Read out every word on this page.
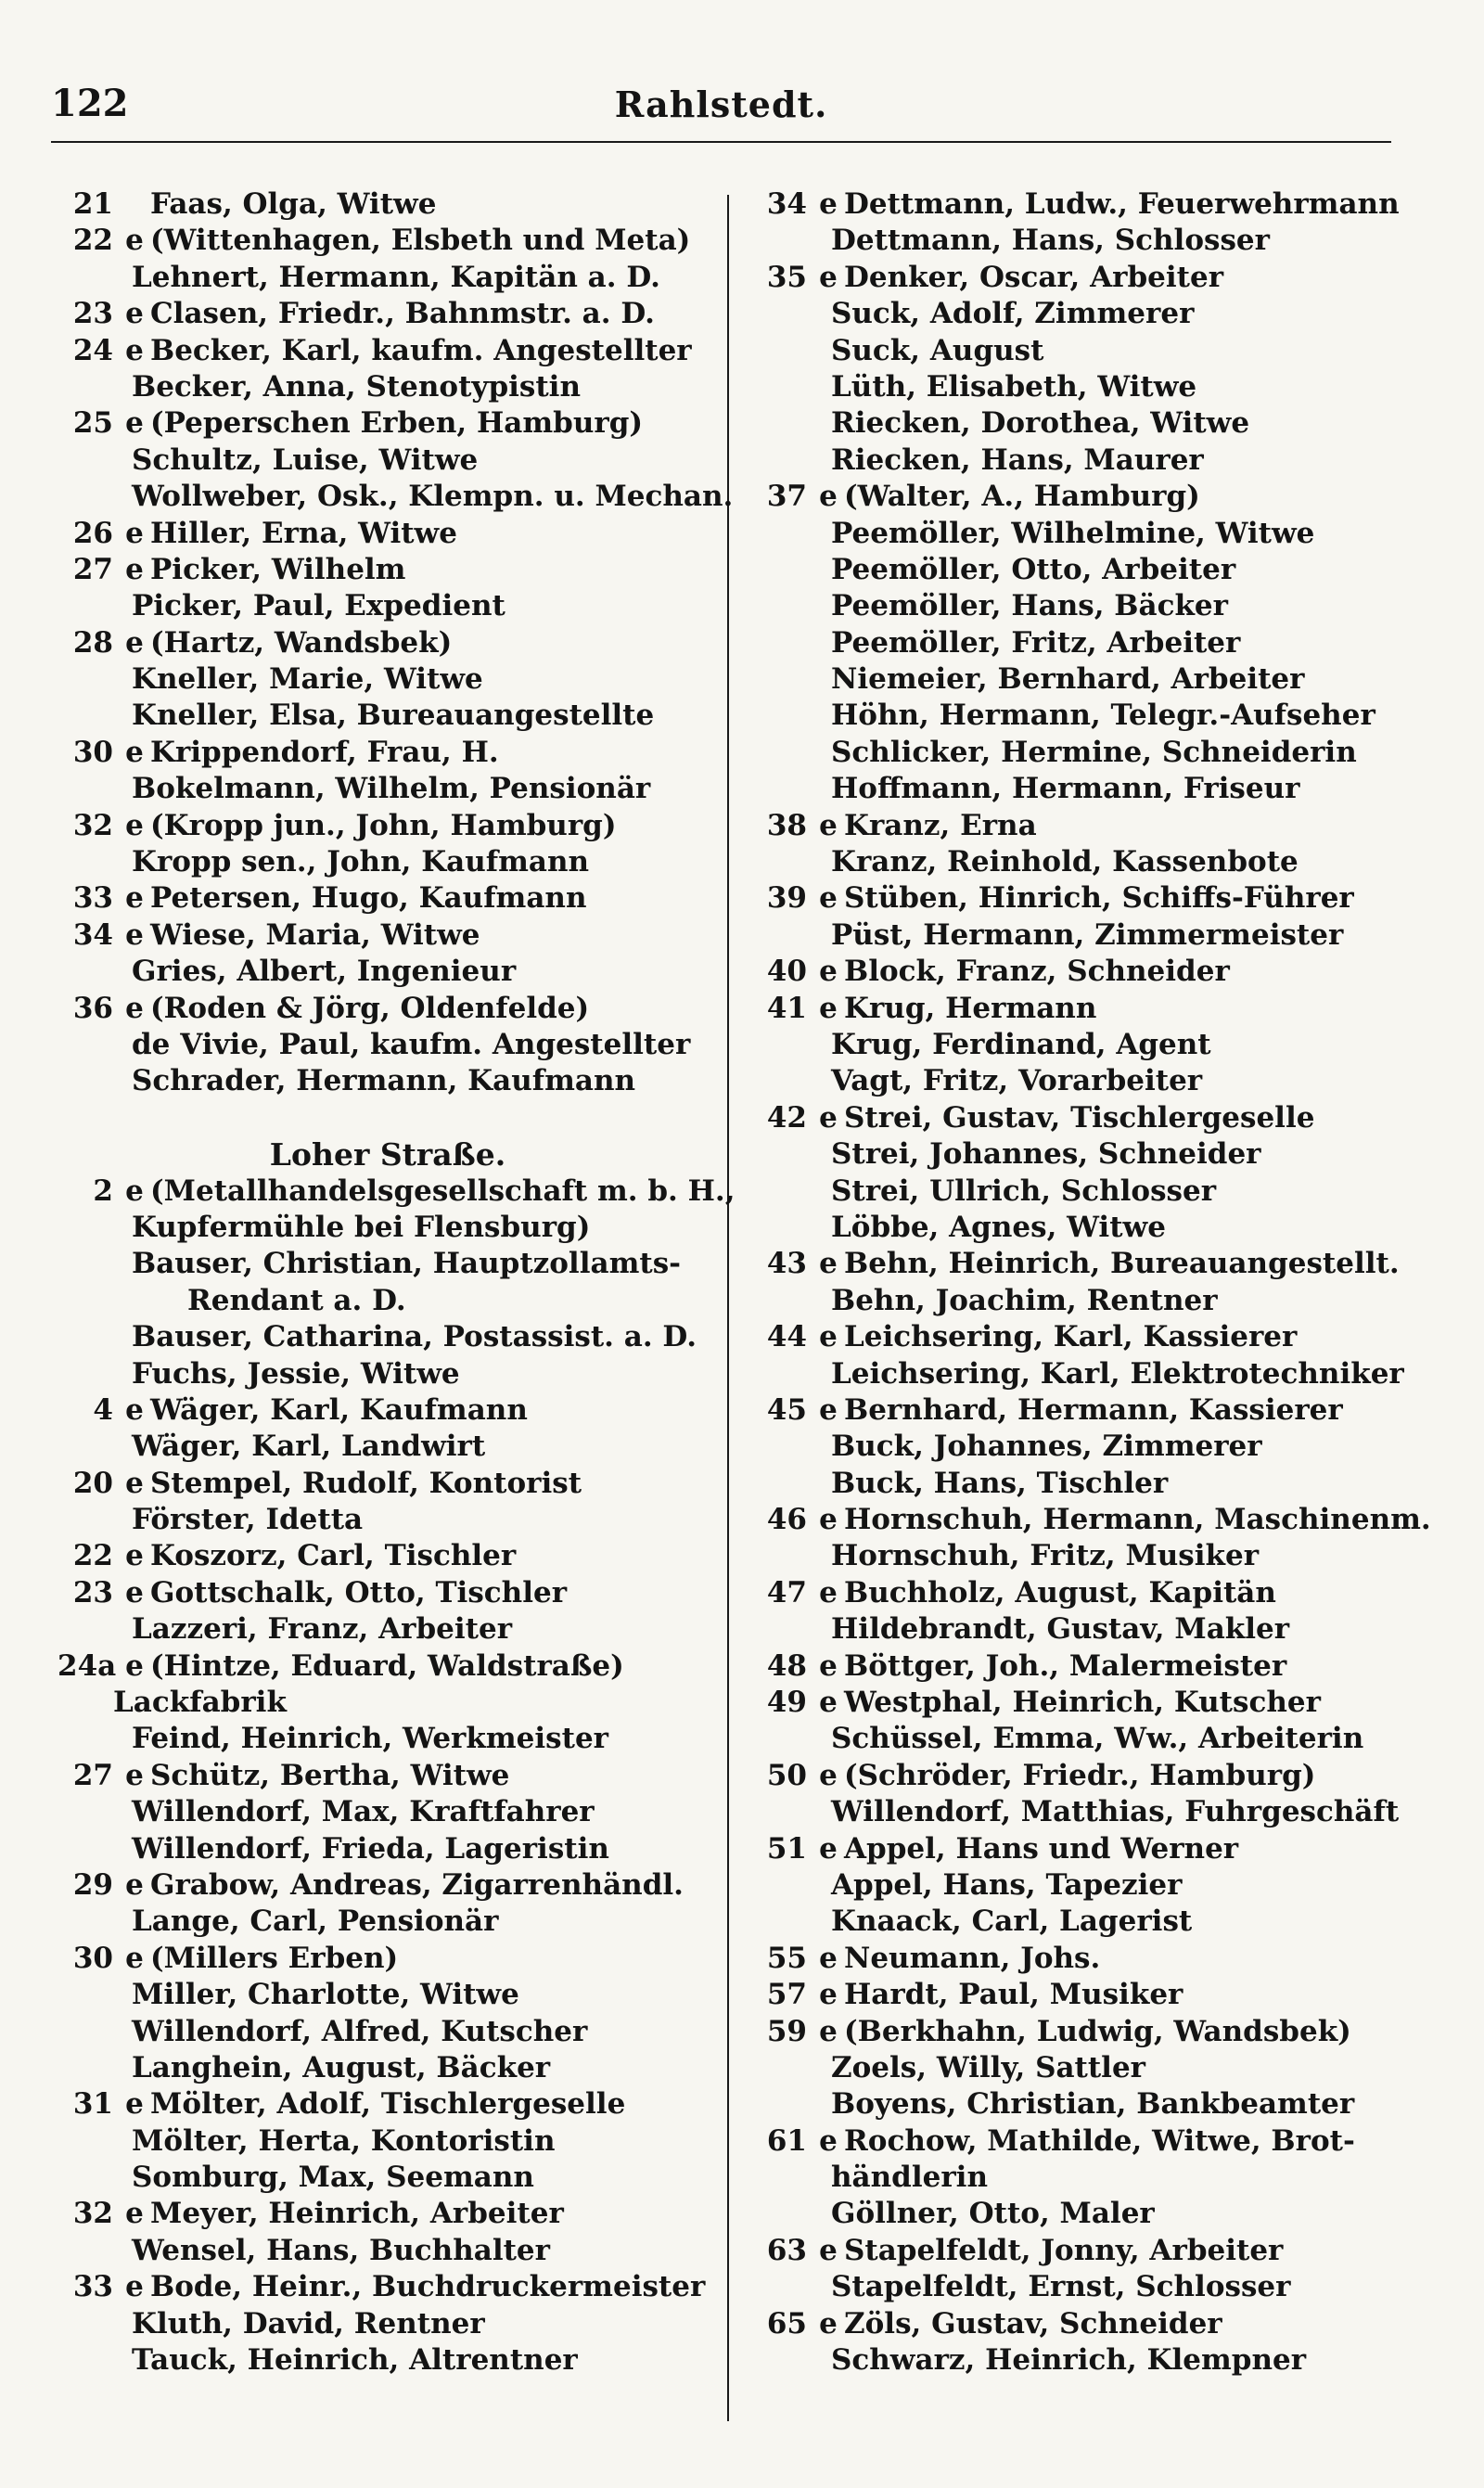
122	Rahlstedt.
21 Faas, Olga, Witwe
22 e (Wittenhagen, Elsbeth und Meta)
Lehnert, Hermann, Kapitän a. D.
23 e Clasen, Friedr., Bahnmstr. a. D.
24 e Becker, Karl, kaufm. Angestellter
Becker, Anna, Stenotypistin
25 e (Peperschen Erben, Hamburg)
Schultz, Luise, Witwe
Wollweber, Osk., Klempn. u. Mechan.
26 e Hiller, Erna, Witwe
27 e Picker, Wilhelm
Picker, Paul, Expedient
28 e (Hartz, Wandsbek)
Kneller, Marie, Witwe
Kneller, Elsa, Bureauangestellte
30 e Krippendorf, Frau, H.
Bokelmann, Wilhelm, Pensionär
32 e (Kropp jun., John, Hamburg)
Kropp sen., John, Kaufmann
33 e Petersen, Hugo, Kaufmann
34 e Wiese, Maria, Witwe
Gries, Albert, Ingenieur
36 e (Roden & Jörg, Oldenfelde)
de Vivie, Paul, kaufm. Angestellter
Schrader, Hermann, Kaufmann
Loher Straße.
2 e (Metallhandelsgesellschaft m. b. H.,
Kupfermühle bei Flensburg)
Bauser, Christian, Hauptzollamts-
Rendant a. D.
Bauser, Catharina, Postassist. a. D.
Fuchs, Jessie, Witwe
4 e Wäger, Karl, Kaufmann
Wäger, Karl, Landwirt
20 e Stempel, Rudolf, Kontorist
Förster, Idetta
22 e Koszorz, Carl, Tischler
23 e Gottschalk, Otto, Tischler
Lazzeri, Franz, Arbeiter
24a e (Hintze, Eduard, Waldstraße)
Lackfabrik
Feind, Heinrich, Werkmeister
27 e Schütz, Bertha, Witwe
Willendorf, Max, Kraftfahrer
Willendorf, Frieda, Lageristin
29 e Grabow, Andreas, Zigarrenhändl.
Lange, Carl, Pensionär
30 e (Millers Erben)
Miller, Charlotte, Witwe
Willendorf, Alfred, Kutscher
Langhein, August, Bäcker
31 e Mölter, Adolf, Tischlergeselle
Mölter, Herta, Kontoristin
Somburg, Max, Seemann
32 e Meyer, Heinrich, Arbeiter
Wensel, Hans, Buchhalter
33 e Bode, Heinr., Buchdruckermeister
Kluth, David, Rentner
Tauck, Heinrich, Altrentner
34 e Dettmann, Ludw., Feuerwehrmann
Dettmann, Hans, Schlosser
35 e Denker, Oscar, Arbeiter
Suck, Adolf, Zimmerer
Suck, August
Lüth, Elisabeth, Witwe
Riecken, Dorothea, Witwe
Riecken, Hans, Maurer
37 e (Walter, A., Hamburg)
Peemöller, Wilhelmine, Witwe
Peemöller, Otto, Arbeiter
Peemöller, Hans, Bäcker
Peemöller, Fritz, Arbeiter
Niemeier, Bernhard, Arbeiter
Höhn, Hermann, Telegr.-Aufseher
Schlicker, Hermine, Schneiderin
Hoffmann, Hermann, Friseur
38 e Kranz, Erna
Kranz, Reinhold, Kassenbote
39 e Stüben, Hinrich, Schiffs-Führer
Püst, Hermann, Zimmermeister
40 e Block, Franz, Schneider
41 e Krug, Hermann
Krug, Ferdinand, Agent
Vagt, Fritz, Vorarbeiter
42 e Strei, Gustav, Tischlergeselle
Strei, Johannes, Schneider
Strei, Ullrich, Schlosser
Löbbe, Agnes, Witwe
43 e Behn, Heinrich, Bureauangestellt.
Behn, Joachim, Rentner
44 e Leichsering, Karl, Kassierer
Leichsering, Karl, Elektrotechniker
45 e Bernhard, Hermann, Kassierer
Buck, Johannes, Zimmerer
Buck, Hans, Tischler
46 e Hornschuh, Hermann, Maschinenm.
Hornschuh, Fritz, Musiker
47 e Buchholz, August, Kapitän
Hildebrandt, Gustav, Makler
48 e Böttger, Joh., Malermeister
49 e Westphal, Heinrich, Kutscher
Schüssel, Emma, Ww., Arbeiterin
50 e (Schröder, Friedr., Hamburg)
Willendorf, Matthias, Fuhrgeschäft
51 e Appel, Hans und Werner
Appel, Hans, Tapezier
Knaack, Carl, Lagerist
55 e Neumann, Johs.
57 e Hardt, Paul, Musiker
59 e (Berkhahn, Ludwig, Wandsbek)
Zoels, Willy, Sattler
Boyens, Christian, Bankbeamter
61 e Rochow, Mathilde, Witwe, Brot-
händlerin
Göllner, Otto, Maler
63 e Stapelfeldt, Jonny, Arbeiter
Stapelfeldt, Ernst, Schlosser
65 e Zöls, Gustav, Schneider
Schwarz, Heinrich, Klempner
